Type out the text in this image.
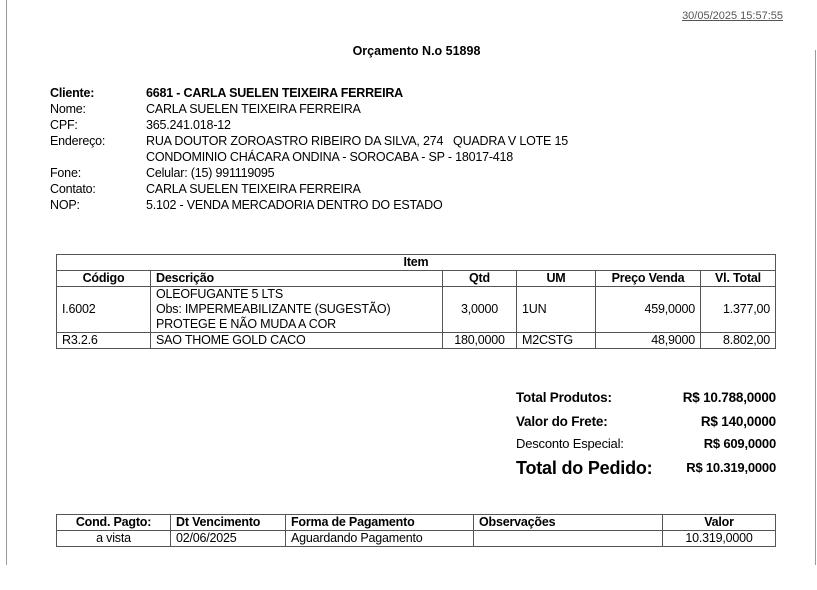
30/05/2025 15:57:55
Orçamento N.o 51898
Cliente:	6681 - CARLA SUELEN TEIXEIRA FERREIRA
Nome:	CARLA SUELEN TEIXEIRA FERREIRA
CPF:	365.241.018-12
Endereço:	RUA DOUTOR ZOROASTRO RIBEIRO DA SILVA, 274   QUADRA V LOTE 15
CONDOMINIO CHÁCARA ONDINA - SOROCABA - SP - 18017-418
Fone:	Celular: (15) 991119095
Contato:	CARLA SUELEN TEIXEIRA FERREIRA
NOP:	5.102 - VENDA MERCADORIA DENTRO DO ESTADO
Item					
Código	Descrição	Qtd	UM	Preço Venda	Vl. Total
I.6002	OLEOFUGANTE 5 LTS
Obs: IMPERMEABILIZANTE (SUGESTÃO)
PROTEGE E NÃO MUDA A COR	3,0000	1UN	459,0000	1.377,00
R3.2.6	SAO THOME GOLD CACO	180,0000	M2CSTG	48,9000	8.802,00
Total Produtos:	R$ 10.788,0000
Valor do Frete:	R$ 140,0000
Desconto Especial:	R$ 609,0000
Total do Pedido:	R$ 10.319,0000
Cond. Pagto:	Dt Vencimento	Forma de Pagamento	Observações	Valor
a vista	02/06/2025	Aguardando Pagamento		10.319,0000
